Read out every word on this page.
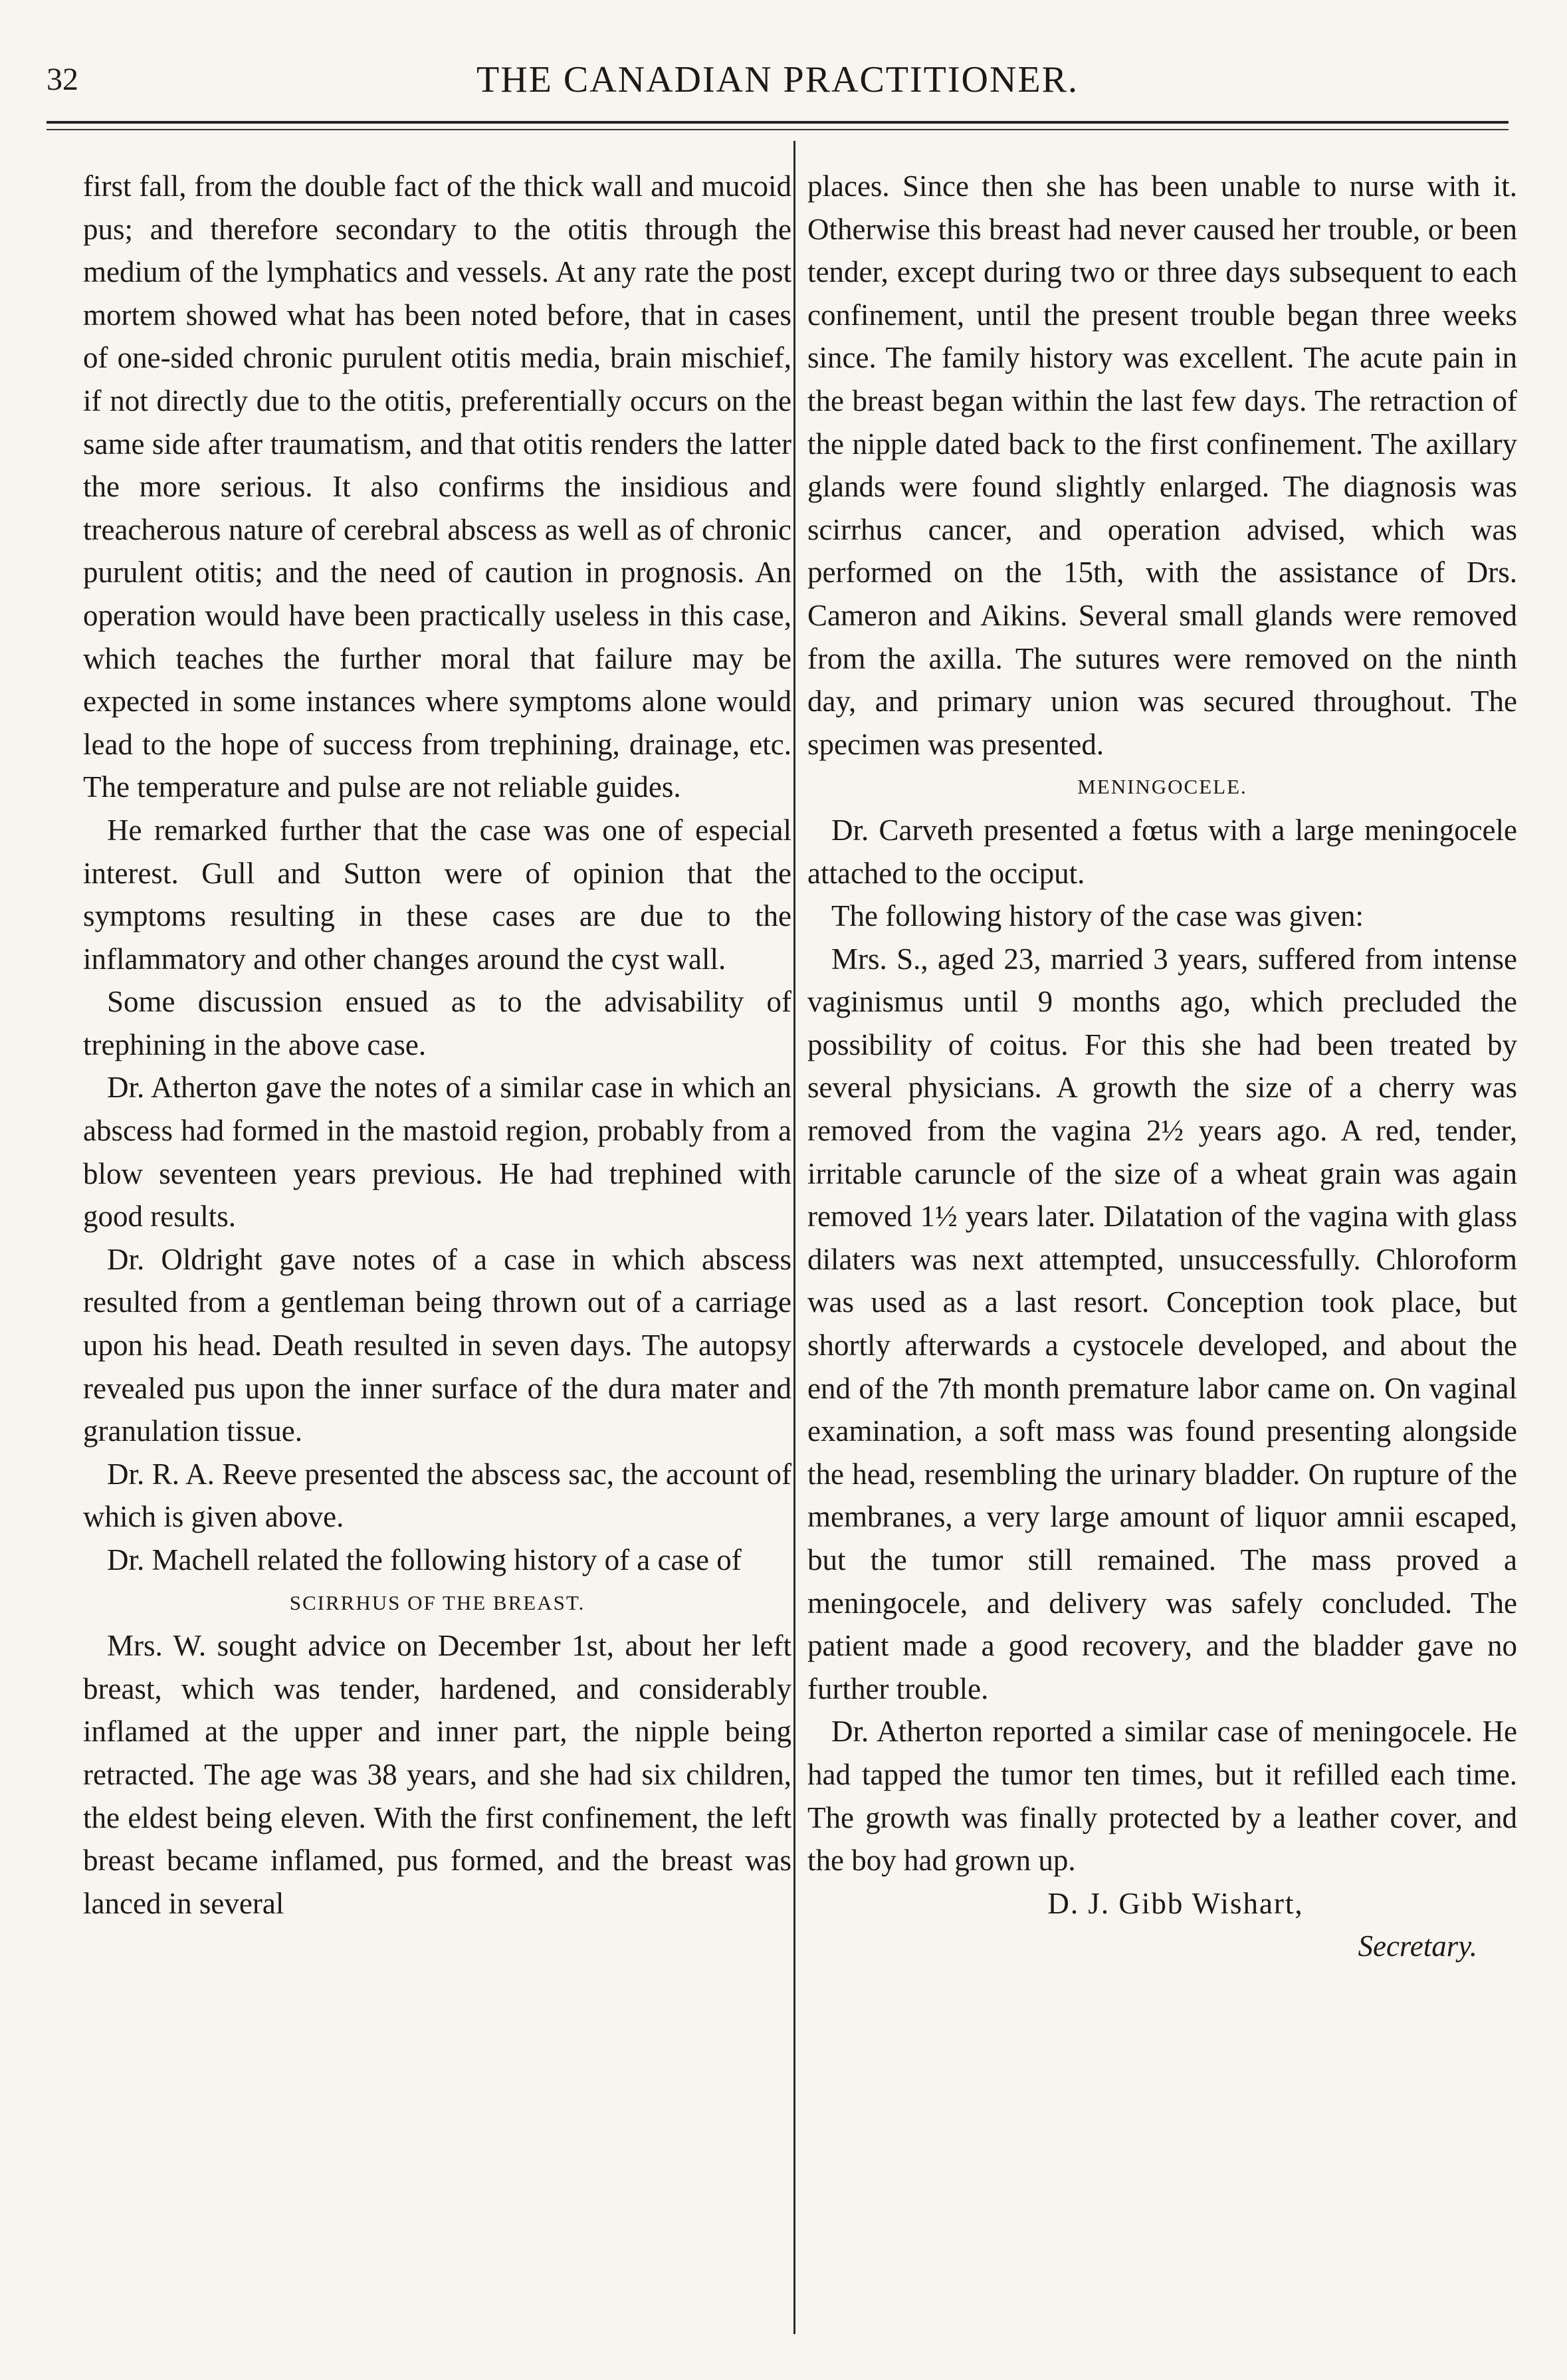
32	THE CANADIAN PRACTITIONER.

first fall, from the double fact of the thick wall and mucoid pus; and therefore secondary to the otitis through the medium of the lymphatics and vessels. At any rate the post mortem showed what has been noted before, that in cases of one-sided chronic purulent otitis media, brain mischief, if not directly due to the otitis, preferentially occurs on the same side after traumatism, and that otitis renders the latter the more serious. It also confirms the insidious and treacherous nature of cerebral abscess as well as of chronic purulent otitis; and the need of caution in prognosis. An operation would have been practically useless in this case, which teaches the further moral that failure may be expected in some instances where symptoms alone would lead to the hope of success from trephining, drainage, etc. The temperature and pulse are not reliable guides.

He remarked further that the case was one of especial interest. Gull and Sutton were of opinion that the symptoms resulting in these cases are due to the inflammatory and other changes around the cyst wall.

Some discussion ensued as to the advisability of trephining in the above case.

Dr. Atherton gave the notes of a similar case in which an abscess had formed in the mastoid region, probably from a blow seventeen years previous. He had trephined with good results.

Dr. Oldright gave notes of a case in which abscess resulted from a gentleman being thrown out of a carriage upon his head. Death resulted in seven days. The autopsy revealed pus upon the inner surface of the dura mater and granulation tissue.

Dr. R. A. Reeve presented the abscess sac, the account of which is given above.

Dr. Machell related the following history of a case of

SCIRRHUS OF THE BREAST.

Mrs. W. sought advice on December 1st, about her left breast, which was tender, hardened, and considerably inflamed at the upper and inner part, the nipple being retracted. The age was 38 years, and she had six children, the eldest being eleven. With the first confinement, the left breast became inflamed, pus formed, and the breast was lanced in several

places. Since then she has been unable to nurse with it. Otherwise this breast had never caused her trouble, or been tender, except during two or three days subsequent to each confinement, until the present trouble began three weeks since. The family history was excellent. The acute pain in the breast began within the last few days. The retraction of the nipple dated back to the first confinement. The axillary glands were found slightly enlarged. The diagnosis was scirrhus cancer, and operation advised, which was performed on the 15th, with the assistance of Drs. Cameron and Aikins. Several small glands were removed from the axilla. The sutures were removed on the ninth day, and primary union was secured throughout. The specimen was presented.

MENINGOCELE.

Dr. Carveth presented a fœtus with a large meningocele attached to the occiput.

The following history of the case was given:

Mrs. S., aged 23, married 3 years, suffered from intense vaginismus until 9 months ago, which precluded the possibility of coitus. For this she had been treated by several physicians. A growth the size of a cherry was removed from the vagina 2½ years ago. A red, tender, irritable caruncle of the size of a wheat grain was again removed 1½ years later. Dilatation of the vagina with glass dilaters was next attempted, unsuccessfully. Chloroform was used as a last resort. Conception took place, but shortly afterwards a cystocele developed, and about the end of the 7th month premature labor came on. On vaginal examination, a soft mass was found presenting alongside the head, resembling the urinary bladder. On rupture of the membranes, a very large amount of liquor amnii escaped, but the tumor still remained. The mass proved a meningocele, and delivery was safely concluded. The patient made a good recovery, and the bladder gave no further trouble.

Dr. Atherton reported a similar case of meningocele. He had tapped the tumor ten times, but it refilled each time. The growth was finally protected by a leather cover, and the boy had grown up.

D. J. Gibb Wishart,
Secretary.
